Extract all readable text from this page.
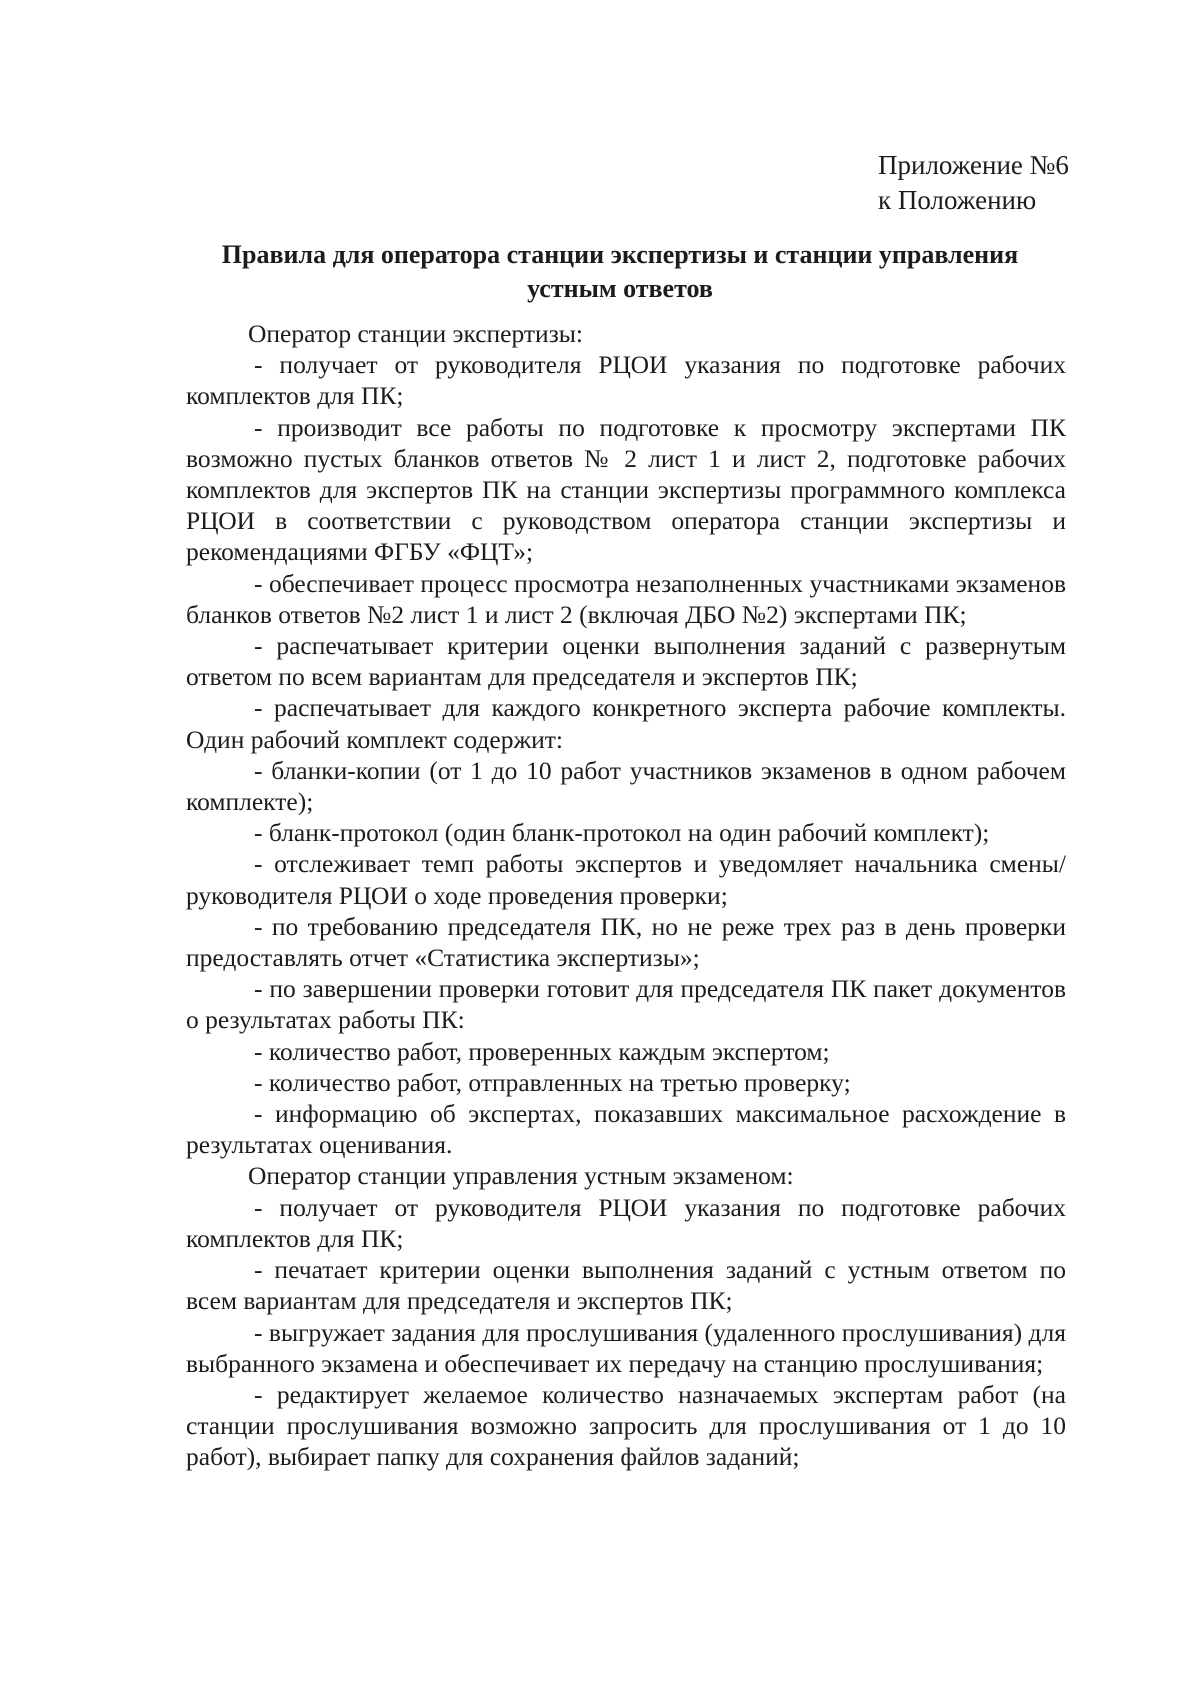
Приложение №6
к Положению
Правила для оператора станции экспертизы и станции управления устным ответов

Оператор станции экспертизы:

- получает от руководителя РЦОИ указания по подготовке рабочих комплектов для ПК;

- производит все работы по подготовке к просмотру экспертами ПК возможно пустых бланков ответов № 2 лист 1 и лист 2, подготовке рабочих комплектов для экспертов ПК на станции экспертизы программного комплекса РЦОИ в соответствии с руководством оператора станции экспертизы и рекомендациями ФГБУ «ФЦТ»;

- обеспечивает процесс просмотра незаполненных участниками экзаменов бланков ответов №2 лист 1 и лист 2 (включая ДБО №2) экспертами ПК;

- распечатывает критерии оценки выполнения заданий с развернутым ответом по всем вариантам для председателя и экспертов ПК;

- распечатывает для каждого конкретного эксперта рабочие комплекты. Один рабочий комплект содержит:

- бланки-копии (от 1 до 10 работ участников экзаменов в одном рабочем комплекте);

- бланк-протокол (один бланк-протокол на один рабочий комплект);

- отслеживает темп работы экспертов и уведомляет начальника смены/руководителя РЦОИ о ходе проведения проверки;

- по требованию председателя ПК, но не реже трех раз в день проверки предоставлять отчет «Статистика экспертизы»;

- по завершении проверки готовит для председателя ПК пакет документов о результатах работы ПК:

- количество работ, проверенных каждым экспертом;

- количество работ, отправленных на третью проверку;

- информацию об экспертах, показавших максимальное расхождение в результатах оценивания.

Оператор станции управления устным экзаменом:

- получает от руководителя РЦОИ указания по подготовке рабочих комплектов для ПК;

- печатает критерии оценки выполнения заданий с устным ответом по всем вариантам для председателя и экспертов ПК;

- выгружает задания для прослушивания (удаленного прослушивания) для выбранного экзамена и обеспечивает их передачу на станцию прослушивания;

- редактирует желаемое количество назначаемых экспертам работ (на станции прослушивания возможно запросить для прослушивания от 1 до 10 работ), выбирает папку для сохранения файлов заданий;
